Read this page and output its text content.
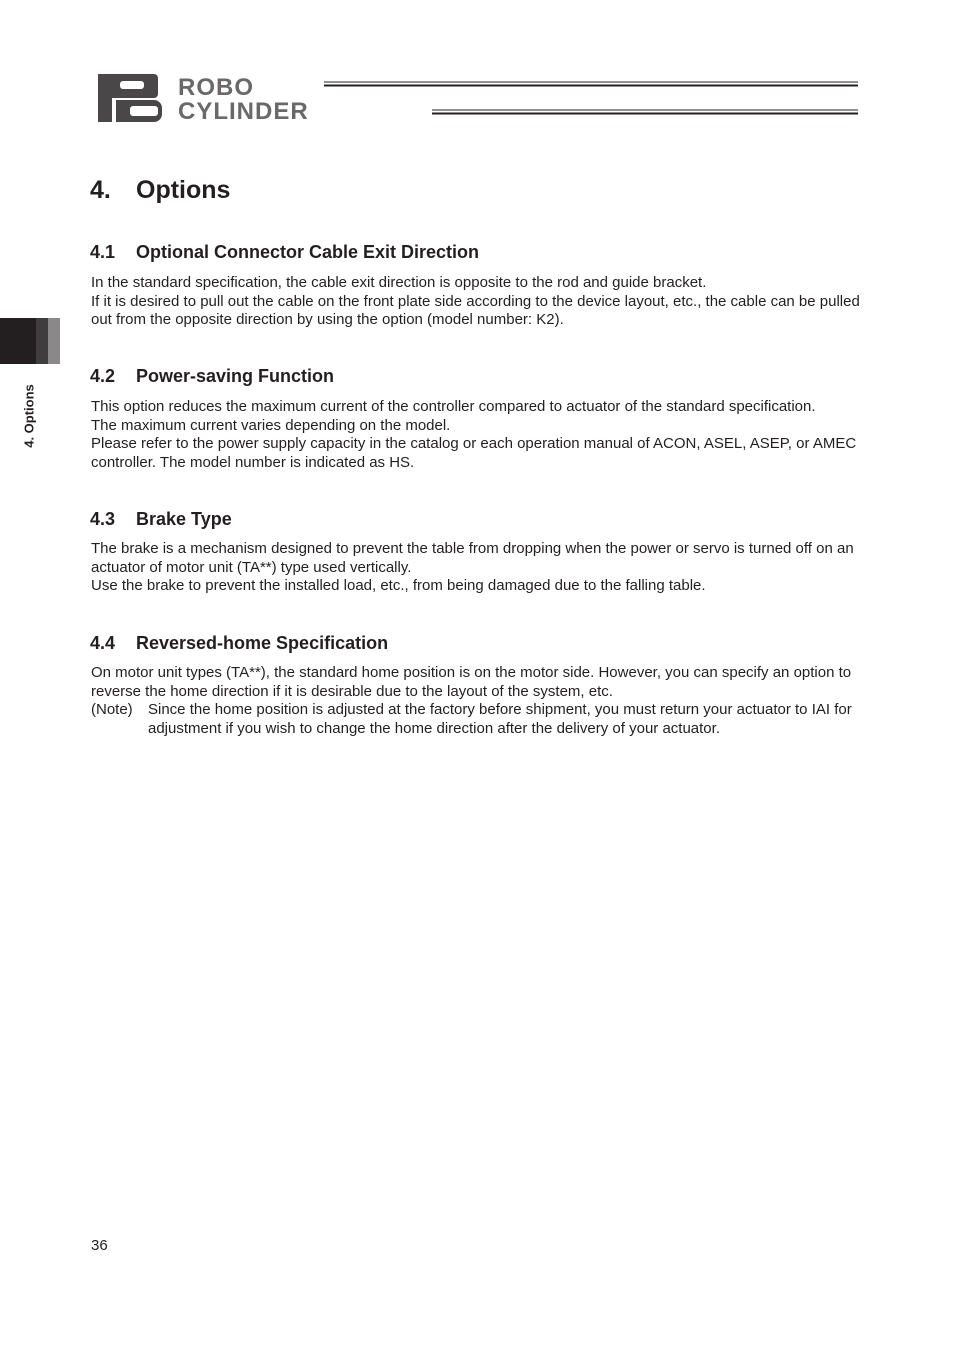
ROBO
CYLINDER
4. Options
4. Options
4.1 Optional Connector Cable Exit Direction

In the standard specification, the cable exit direction is opposite to the rod and guide bracket.

If it is desired to pull out the cable on the front plate side according to the device layout, etc., the cable can be pulled out from the opposite direction by using the option (model number: K2).

4.2 Power-saving Function

This option reduces the maximum current of the controller compared to actuator of the standard specification.

The maximum current varies depending on the model.

Please refer to the power supply capacity in the catalog or each operation manual of ACON, ASEL, ASEP, or AMEC controller. The model number is indicated as HS.

4.3 Brake Type

The brake is a mechanism designed to prevent the table from dropping when the power or servo is turned off on an actuator of motor unit (TA**) type used vertically.

Use the brake to prevent the installed load, etc., from being damaged due to the falling table.

4.4 Reversed-home Specification

On motor unit types (TA**), the standard home position is on the motor side. However, you can specify an option to reverse the home direction if it is desirable due to the layout of the system, etc.

(Note)	Since the home position is adjusted at the factory before shipment, you must return your actuator to IAI for adjustment if you wish to change the home direction after the delivery of your actuator.
36
